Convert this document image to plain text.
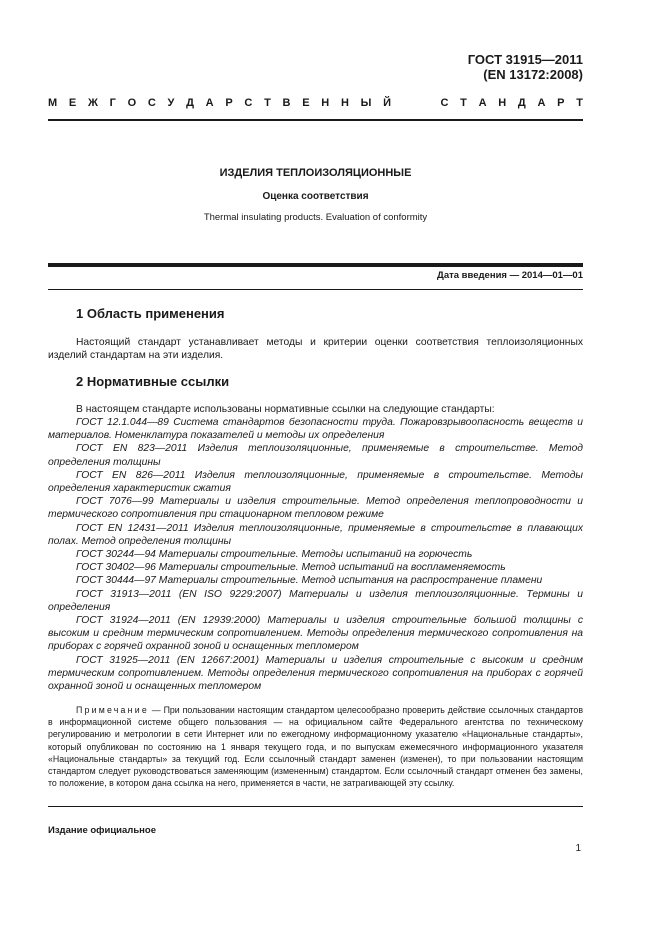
ГОСТ 31915—2011
(EN 13172:2008)
М Е Ж Г О С У Д А Р С Т В Е Н Н Ы Й	С Т А Н Д А Р Т
ИЗДЕЛИЯ ТЕПЛОИЗОЛЯЦИОННЫЕ
Оценка соответствия
Thermal insulating products. Evaluation of conformity
Дата введения — 2014—01—01
1 Область применения
Настоящий стандарт устанавливает методы и критерии оценки соответствия теплоизоляционных изделий стандартам на эти изделия.
2 Нормативные ссылки
В настоящем стандарте использованы нормативные ссылки на следующие стандарты:
ГОСТ 12.1.044—89 Система стандартов безопасности труда. Пожаровзрывоопасность веществ и материалов. Номенклатура показателей и методы их определения
ГОСТ EN 823—2011 Изделия теплоизоляционные, применяемые в строительстве. Метод определения толщины
ГОСТ EN 826—2011 Изделия теплоизоляционные, применяемые в строительстве. Методы определения характеристик сжатия
ГОСТ 7076—99 Материалы и изделия строительные. Метод определения теплопроводности и термического сопротивления при стационарном тепловом режиме
ГОСТ EN 12431—2011 Изделия теплоизоляционные, применяемые в строительстве в плавающих полах. Метод определения толщины
ГОСТ 30244—94 Материалы строительные. Методы испытаний на горючесть
ГОСТ 30402—96 Материалы строительные. Метод испытаний на воспламеняемость
ГОСТ 30444—97 Материалы строительные. Метод испытания на распространение пламени
ГОСТ 31913—2011 (EN ISO 9229:2007) Материалы и изделия теплоизоляционные. Термины и определения
ГОСТ 31924—2011 (EN 12939:2000) Материалы и изделия строительные большой толщины с высоким и средним термическим сопротивлением. Методы определения термического сопротивления на приборах с горячей охранной зоной и оснащенных тепломером
ГОСТ 31925—2011 (EN 12667:2001) Материалы и изделия строительные с высоким и средним термическим сопротивлением. Методы определения термического сопротивления на приборах с горячей охранной зоной и оснащенных тепломером
Примечание — При пользовании настоящим стандартом целесообразно проверить действие ссылочных стандартов в информационной системе общего пользования — на официальном сайте Федерального агентства по техническому регулированию и метрологии в сети Интернет или по ежегодному информационному указателю «Национальные стандарты», который опубликован по состоянию на 1 января текущего года, и по выпускам ежемесячного информационного указателя «Национальные стандарты» за текущий год. Если ссылочный стандарт заменен (изменен), то при пользовании настоящим стандартом следует руководствоваться заменяющим (измененным) стандартом. Если ссылочный стандарт отменен без замены, то положение, в котором дана ссылка на него, применяется в части, не затрагивающей эту ссылку.
Издание официальное
1
